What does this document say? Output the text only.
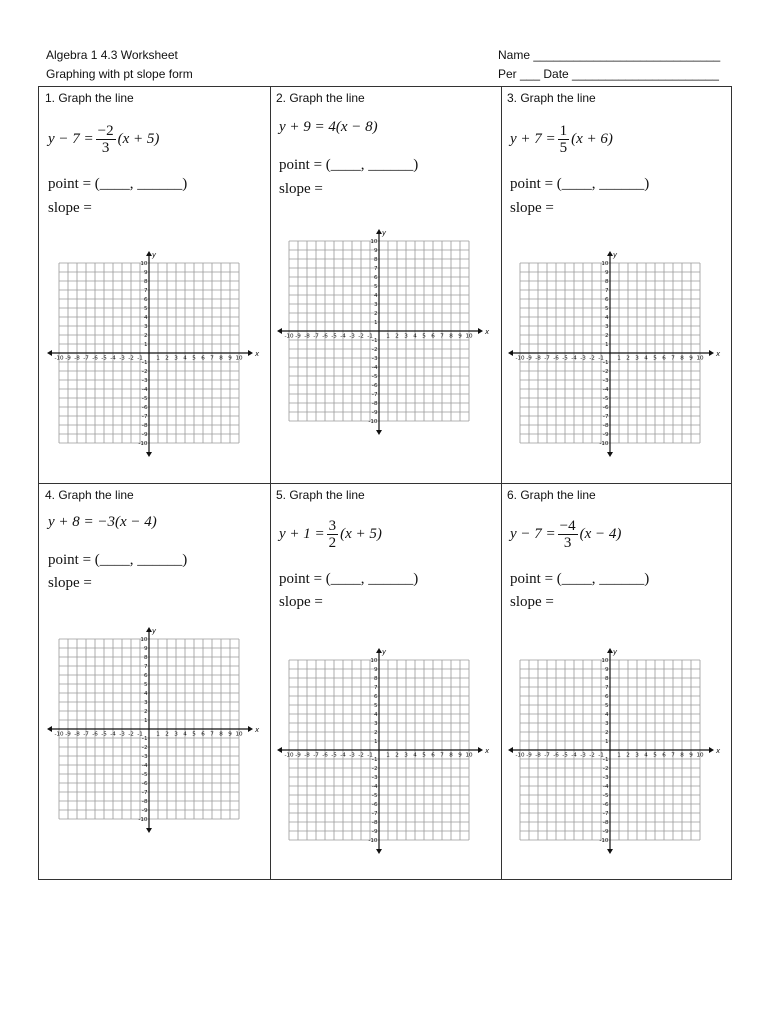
Algebra 1 4.3 Worksheet
Graphing with pt slope form
Name ____________________________
Per ___ Date ______________________
1. Graph the line
$y - 7 = \frac{-2}{3} (x + 5)$
point = (____, ______)
slope =
x
y
-10
-10
-9
-9
-8
-8
-7
-7
-6
-6
-5
-5
-4
-4
-3
-3
-2
-2
-1
-1
1
1
2
2
3
3
4
4
5
5
6
6
7
7
8
8
9
9
10
10
2. Graph the line
y + 9 = 4(x − 8)
point = (____, ______)
slope =
x
y
-10
-10
-9
-9
-8
-8
-7
-7
-6
-6
-5
-5
-4
-4
-3
-3
-2
-2
-1
-1
1
1
2
2
3
3
4
4
5
5
6
6
7
7
8
8
9
9
10
10
3. Graph the line
$y + 7 = \frac{1}{5} (x + 6)$
point = (____, ______)
slope =
x
y
-10
-10
-9
-9
-8
-8
-7
-7
-6
-6
-5
-5
-4
-4
-3
-3
-2
-2
-1
-1
1
1
2
2
3
3
4
4
5
5
6
6
7
7
8
8
9
9
10
10
4. Graph the line
y + 8 = −3(x − 4)
point = (____, ______)
slope =
x
y
-10
-10
-9
-9
-8
-8
-7
-7
-6
-6
-5
-5
-4
-4
-3
-3
-2
-2
-1
-1
1
1
2
2
3
3
4
4
5
5
6
6
7
7
8
8
9
9
10
10
5. Graph the line
$y + 1 = \frac{3}{2} (x + 5)$
point = (____, ______)
slope =
x
y
-10
-10
-9
-9
-8
-8
-7
-7
-6
-6
-5
-5
-4
-4
-3
-3
-2
-2
-1
-1
1
1
2
2
3
3
4
4
5
5
6
6
7
7
8
8
9
9
10
10
6. Graph the line
$y - 7 = \frac{-4}{3} (x - 4)$
point = (____, ______)
slope =
x
y
-10
-10
-9
-9
-8
-8
-7
-7
-6
-6
-5
-5
-4
-4
-3
-3
-2
-2
-1
-1
1
1
2
2
3
3
4
4
5
5
6
6
7
7
8
8
9
9
10
10
